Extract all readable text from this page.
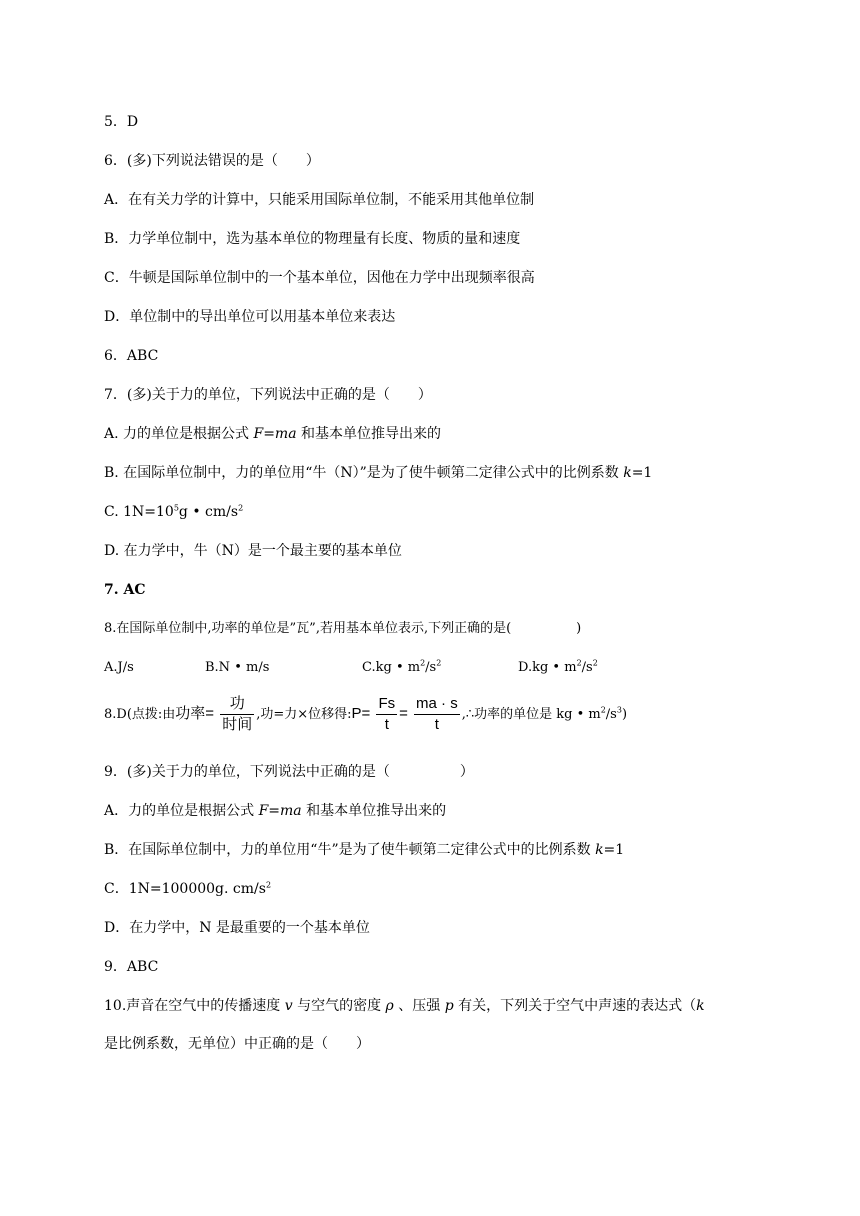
5．D
6．(多)下列说法错误的是（　　）
A．在有关力学的计算中，只能采用国际单位制，不能采用其他单位制
B．力学单位制中，选为基本单位的物理量有长度、物质的量和速度
C．牛顿是国际单位制中的一个基本单位，因他在力学中出现频率很高
D．单位制中的导出单位可以用基本单位来表达
6．ABC
7．(多)关于力的单位，下列说法中正确的是（　　）
A. 力的单位是根据公式 F=ma 和基本单位推导出来的
B. 在国际单位制中，力的单位用“牛（N）”是为了使牛顿第二定律公式中的比例系数 k=1
C. $1N=10^5g$ • $cm/s^2$
D. 在力学中，牛（N）是一个最主要的基本单位
7. AC
8.在国际单位制中,功率的单位是”瓦”,若用基本单位表示,下列正确的是(　　　　　)
A.J/s	B.N • m/s	C.kg • $m^2/s^2$	D.kg • $m^2/s^2$
8.D(点拨:由功率= $\frac{\text{功}}{\text{时间}}$ ,功=力×位移得:P= $\frac{Fs}{t} = \frac{ma \cdot s}{t}$ ,∴功率的单位是 kg • $m^2/s^3$)
9．(多)关于力的单位，下列说法中正确的是（　　　　　）
A．力的单位是根据公式 F=ma 和基本单位推导出来的
B．在国际单位制中，力的单位用“牛”是为了使牛顿第二定律公式中的比例系数 k=1
C．1N=100000g. $cm/s^2$
D．在力学中，N 是最重要的一个基本单位
9．ABC
10.声音在空气中的传播速度 v 与空气的密度 ρ 、压强 p 有关，下列关于空气中声速的表达式（k
是比例系数，无单位）中正确的是（　　）
